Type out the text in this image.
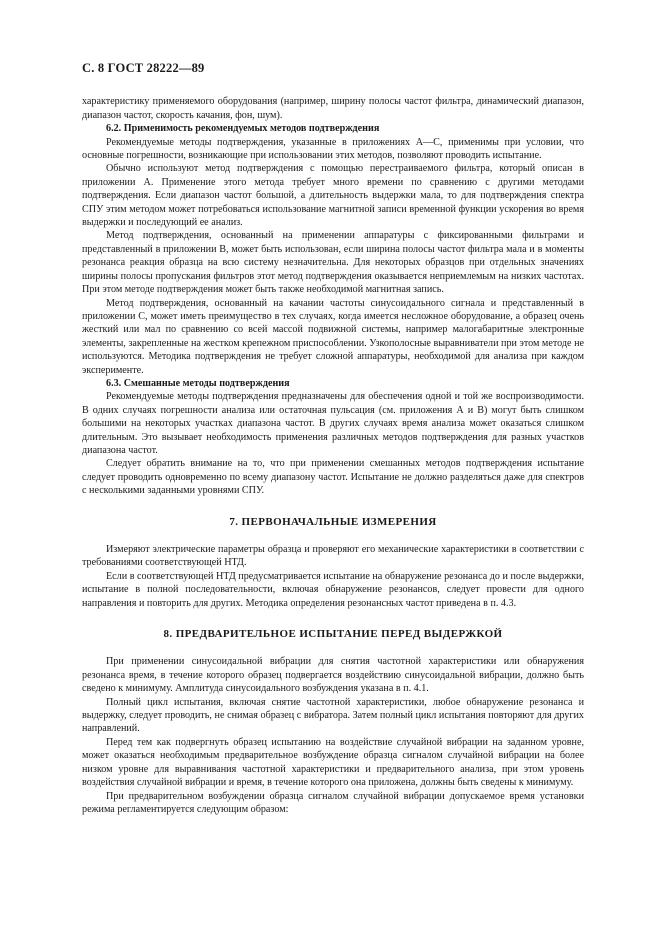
С. 8 ГОСТ 28222—89

характеристику применяемого оборудования (например, ширину полосы частот фильтра, динамический диапазон, диапазон частот, скорость качания, фон, шум).

6.2. Применимость рекомендуемых методов подтверждения

Рекомендуемые методы подтверждения, указанные в приложениях А—С, применимы при условии, что основные погрешности, возникающие при использовании этих методов, позволяют проводить испытание.

Обычно используют метод подтверждения с помощью перестраиваемого фильтра, который описан в приложении А. Применение этого метода требует много времени по сравнению с другими методами подтверждения. Если диапазон частот большой, а длительность выдержки мала, то для подтверждения спектра СПУ этим методом может потребоваться использование магнитной записи временной функции ускорения во время выдержки и последующий ее анализ.

Метод подтверждения, основанный на применении аппаратуры с фиксированными фильтрами и представленный в приложении В, может быть использован, если ширина полосы частот фильтра мала и в моменты резонанса реакция образца на всю систему незначительна. Для некоторых образцов при отдельных значениях ширины полосы пропускания фильтров этот метод подтверждения оказывается неприемлемым на низких частотах. При этом методе подтверждения может быть также необходимой магнитная запись.

Метод подтверждения, основанный на качании частоты синусоидального сигнала и представленный в приложении С, может иметь преимущество в тех случаях, когда имеется несложное оборудование, а образец очень жесткий или мал по сравнению со всей массой подвижной системы, например малогабаритные электронные элементы, закрепленные на жестком крепежном приспособлении. Узкополосные выравниватели при этом методе не используются. Методика подтверждения не требует сложной аппаратуры, необходимой для анализа при каждом эксперименте.

6.3. Смешанные методы подтверждения

Рекомендуемые методы подтверждения предназначены для обеспечения одной и той же воспроизводимости. В одних случаях погрешности анализа или остаточная пульсация (см. приложения А и В) могут быть слишком большими на некоторых участках диапазона частот. В других случаях время анализа может оказаться слишком длительным. Это вызывает необходимость применения различных методов подтверждения для разных участков диапазона частот.

Следует обратить внимание на то, что при применении смешанных методов подтверждения испытание следует проводить одновременно по всему диапазону частот. Испытание не должно разделяться даже для спектров с несколькими заданными уровнями СПУ.

7. ПЕРВОНАЧАЛЬНЫЕ ИЗМЕРЕНИЯ

Измеряют электрические параметры образца и проверяют его механические характеристики в соответствии с требованиями соответствующей НТД.

Если в соответствующей НТД предусматривается испытание на обнаружение резонанса до и после выдержки, испытание в полной последовательности, включая обнаружение резонансов, следует провести для одного направления и повторить для других. Методика определения резонансных частот приведена в п. 4.3.

8. ПРЕДВАРИТЕЛЬНОЕ ИСПЫТАНИЕ ПЕРЕД ВЫДЕРЖКОЙ

При применении синусоидальной вибрации для снятия частотной характеристики или обнаружения резонанса время, в течение которого образец подвергается воздействию синусоидальной вибрации, должно быть сведено к минимуму. Амплитуда синусоидального возбуждения указана в п. 4.1.

Полный цикл испытания, включая снятие частотной характеристики, любое обнаружение резонанса и выдержку, следует проводить, не снимая образец с вибратора. Затем полный цикл испытания повторяют для других направлений.

Перед тем как подвергнуть образец испытанию на воздействие случайной вибрации на заданном уровне, может оказаться необходимым предварительное возбуждение образца сигналом случайной вибрации на более низком уровне для выравнивания частотной характеристики и предварительного анализа, при этом уровень воздействия случайной вибрации и время, в течение которого она приложена, должны быть сведены к минимуму.

При предварительном возбуждении образца сигналом случайной вибрации допускаемое время установки режима регламентируется следующим образом:
